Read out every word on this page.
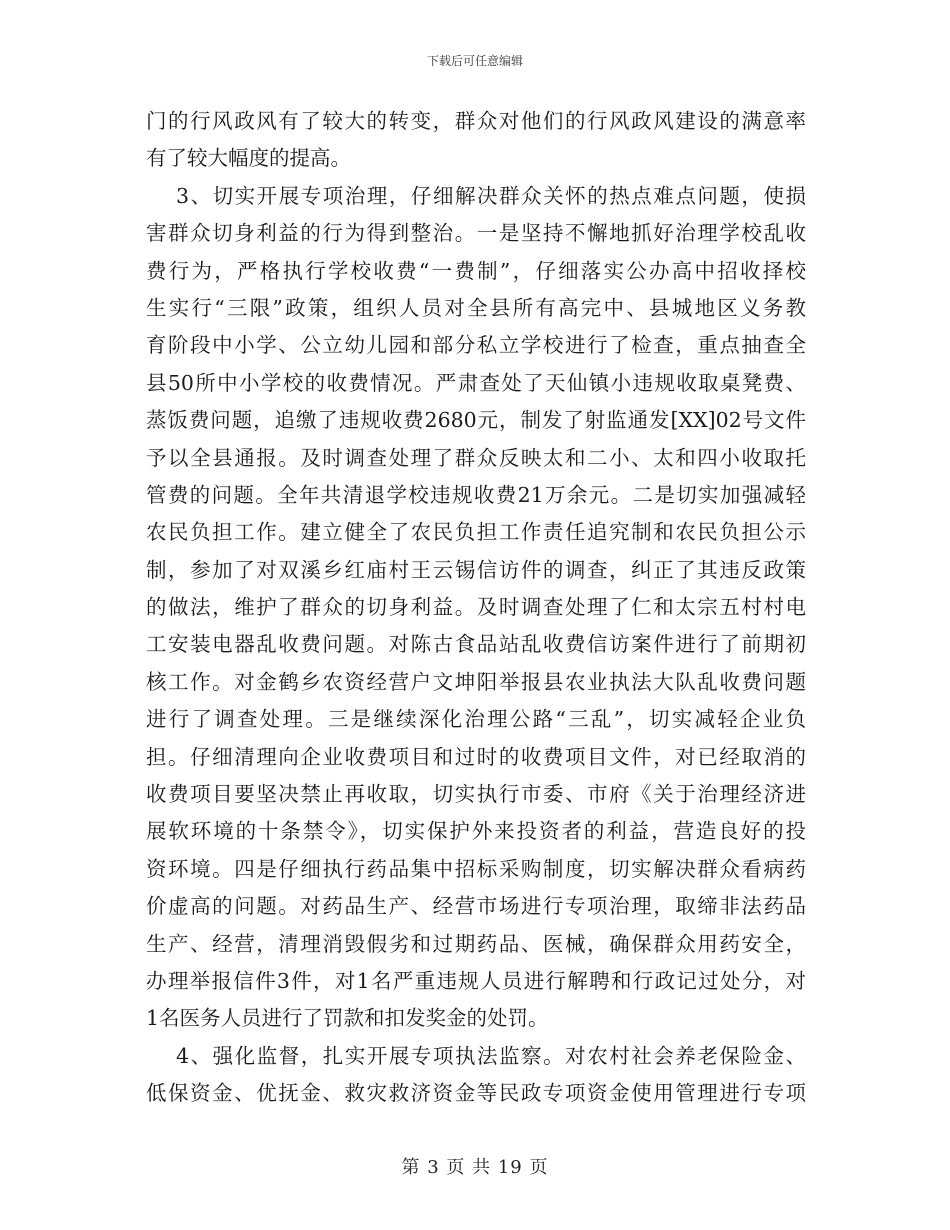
下载后可任意编辑
门的行风政风有了较大的转变，群众对他们的行风政风建设的满意率
有了较大幅度的提高。
3、切实开展专项治理，仔细解决群众关怀的热点难点问题，使损
害群众切身利益的行为得到整治。一是坚持不懈地抓好治理学校乱收
费行为，严格执行学校收费“一费制”，仔细落实公办高中招收择校
生实行“三限”政策，组织人员对全县所有高完中、县城地区义务教
育阶段中小学、公立幼儿园和部分私立学校进行了检查，重点抽查全
县50所中小学校的收费情况。严肃查处了天仙镇小违规收取桌凳费、
蒸饭费问题，追缴了违规收费2680元，制发了射监通发[XX]02号文件
予以全县通报。及时调查处理了群众反映太和二小、太和四小收取托
管费的问题。全年共清退学校违规收费21万余元。二是切实加强减轻
农民负担工作。建立健全了农民负担工作责任追究制和农民负担公示
制，参加了对双溪乡红庙村王云锡信访件的调查，纠正了其违反政策
的做法，维护了群众的切身利益。及时调查处理了仁和太宗五村村电
工安装电器乱收费问题。对陈古食品站乱收费信访案件进行了前期初
核工作。对金鹤乡农资经营户文坤阳举报县农业执法大队乱收费问题
进行了调查处理。三是继续深化治理公路“三乱”，切实减轻企业负
担。仔细清理向企业收费项目和过时的收费项目文件，对已经取消的
收费项目要坚决禁止再收取，切实执行市委、市府《关于治理经济进
展软环境的十条禁令》，切实保护外来投资者的利益，营造良好的投
资环境。四是仔细执行药品集中招标采购制度，切实解决群众看病药
价虚高的问题。对药品生产、经营市场进行专项治理，取缔非法药品
生产、经营，清理消毁假劣和过期药品、医械，确保群众用药安全，
办理举报信件3件，对1名严重违规人员进行解聘和行政记过处分，对
1名医务人员进行了罚款和扣发奖金的处罚。
4、强化监督，扎实开展专项执法监察。对农村社会养老保险金、
低保资金、优抚金、救灾救济资金等民政专项资金使用管理进行专项
第 3 页 共 19 页
